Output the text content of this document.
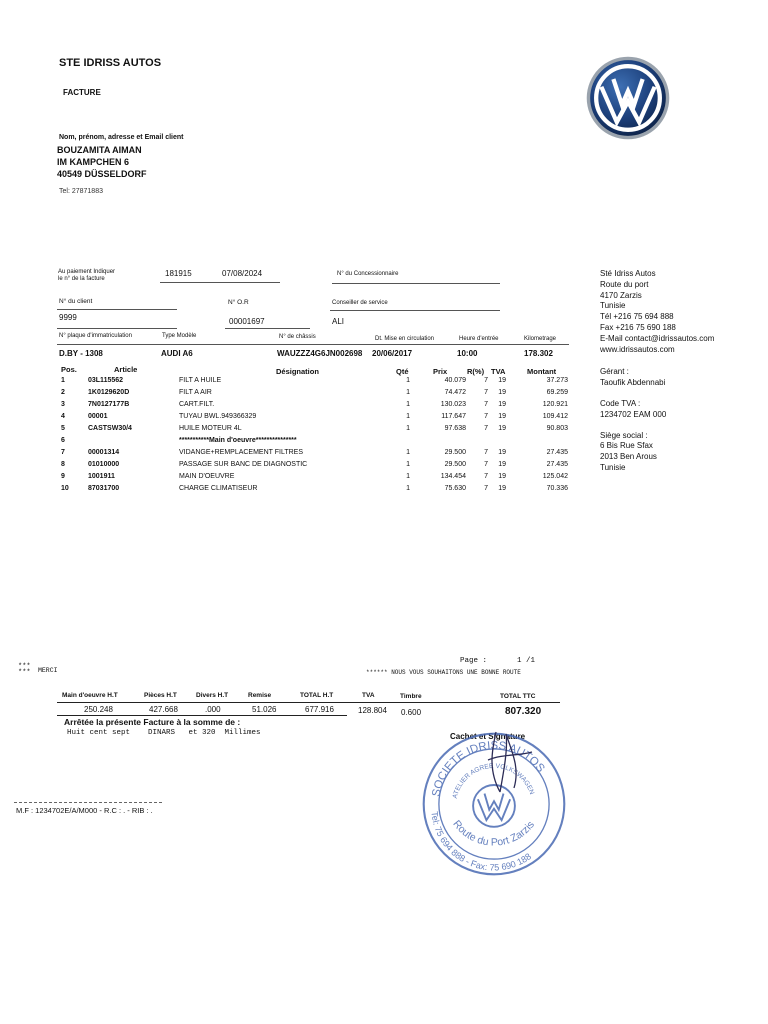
STE IDRISS AUTOS
FACTURE
Nom, prénom, adresse et Email client
BOUZAMITA AIMAN
IM KAMPCHEN 6
40549 DÜSSELDORF
Tel: 27871883
Au paiement Indiquer
le n° de la facture
181915	07/08/2024	N° du Concessionnaire
N° du client	N° O.R	Conseiller de service
9999	00001697	ALI
N° plaque d'immatriculation	Type Modèle	N° de châssis	Dt. Mise en circulation	Heure d'entrée	Kilometrage
D.BY - 1308	AUDI A6	WAUZZZ4G6JN002698 20/06/2017	10:00	178.302
Pos.	Article	Désignation	Qté	Prix	R(%) TVA	Montant
1	03L115562	FILT A HUILE	1	40.079	7	19	37.273
2	1K0129620D	FILT A AIR	1	74.472	7	19	69.259
3	7N0127177B	CART.FILT.	1	130.023	7	19	120.921
4	00001	TUYAU BWL.949366329	1	117.647	7	19	109.412
5	CASTSW30/4	HUILE MOTEUR 4L	1	97.638	7	19	90.803
6	***********Main d'oeuvre***************
7	00001314	VIDANGE+REMPLACEMENT FILTRES	1	29.500	7	19	27.435
8	01010000	PASSAGE SUR BANC DE DIAGNOSTIC	1	29.500	7	19	27.435
9	1001911	MAIN D'OEUVRE	1	134.454	7	19	125.042
10	87031700	CHARGE CLIMATISEUR	1	75.630	7	19	70.336
Sté Idriss Autos
Route du port
4170 Zarzis
Tunisie
Tél +216 75 694 888
Fax +216 75 690 188
E-Mail contact@idrissautos.com
www.idrissautos.com
Gérant :
Taoufik Abdennabi
Code TVA :
1234702 EAM 000
Siège social :
6 Bis Rue Sfax
2013 Ben Arous
Tunisie
Page :	1 /1
***
*** MERCI	****** NOUS VOUS SOUHAITONS UNE BONNE ROUTE
Main d'oeuvre H.T	Pièces H.T	Divers H.T	Remise	TOTAL H.T	TVA	Timbre	TOTAL TTC
250.248	427.668	.000	51.026	677.916	128.804 0.600	807.320
Arrêtée la présente Facture à la somme de :
Huit cent sept    DINARS   et 320  Millimes	Cachet et Signature
SOCIETE IDRISS AUTOS
ATELIER AGREE VOLKSWAGEN
Route du Port Zarzis
Tel: 75 694 888 - Fax: 75 690 188
M.F : 1234702E/A/M000 - R.C : . - RIB : .
